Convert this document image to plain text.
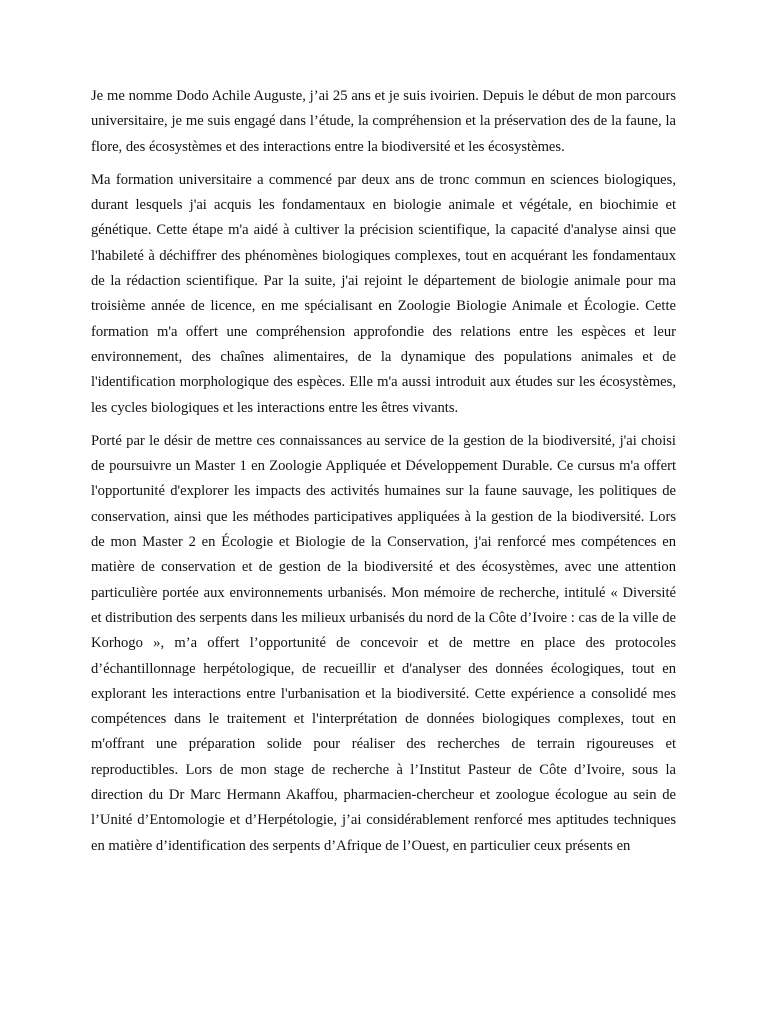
Je me nomme Dodo Achile Auguste, j’ai 25 ans et je suis ivoirien. Depuis le début de mon parcours universitaire, je me suis engagé dans l’étude, la compréhension et la préservation des de la faune, la flore, des écosystèmes et des interactions entre la biodiversité et les écosystèmes.

Ma formation universitaire a commencé par deux ans de tronc commun en sciences biologiques, durant lesquels j'ai acquis les fondamentaux en biologie animale et végétale, en biochimie et génétique. Cette étape m'a aidé à cultiver la précision scientifique, la capacité d'analyse ainsi que l'habileté à déchiffrer des phénomènes biologiques complexes, tout en acquérant les fondamentaux de la rédaction scientifique. Par la suite, j'ai rejoint le département de biologie animale pour ma troisième année de licence, en me spécialisant en Zoologie Biologie Animale et Écologie. Cette formation m'a offert une compréhension approfondie des relations entre les espèces et leur environnement, des chaînes alimentaires, de la dynamique des populations animales et de l'identification morphologique des espèces. Elle m'a aussi introduit aux études sur les écosystèmes, les cycles biologiques et les interactions entre les êtres vivants.

Porté par le désir de mettre ces connaissances au service de la gestion de la biodiversité, j'ai choisi de poursuivre un Master 1 en Zoologie Appliquée et Développement Durable. Ce cursus m'a offert l'opportunité d'explorer les impacts des activités humaines sur la faune sauvage, les politiques de conservation, ainsi que les méthodes participatives appliquées à la gestion de la biodiversité. Lors de mon Master 2 en Écologie et Biologie de la Conservation, j'ai renforcé mes compétences en matière de conservation et de gestion de la biodiversité et des écosystèmes, avec une attention particulière portée aux environnements urbanisés. Mon mémoire de recherche, intitulé « Diversité et distribution des serpents dans les milieux urbanisés du nord de la Côte d’Ivoire : cas de la ville de Korhogo », m’a offert l’opportunité de concevoir et de mettre en place des protocoles d’échantillonnage herpétologique, de recueillir et d'analyser des données écologiques, tout en explorant les interactions entre l'urbanisation et la biodiversité. Cette expérience a consolidé mes compétences dans le traitement et l'interprétation de données biologiques complexes, tout en m'offrant une préparation solide pour réaliser des recherches de terrain rigoureuses et reproductibles. Lors de mon stage de recherche à l’Institut Pasteur de Côte d’Ivoire, sous la direction du Dr Marc Hermann Akaffou, pharmacien-chercheur et zoologue écologue au sein de l’Unité d’Entomologie et d’Herpétologie, j’ai considérablement renforcé mes aptitudes techniques en matière d’identification des serpents d’Afrique de l’Ouest, en particulier ceux présents en
